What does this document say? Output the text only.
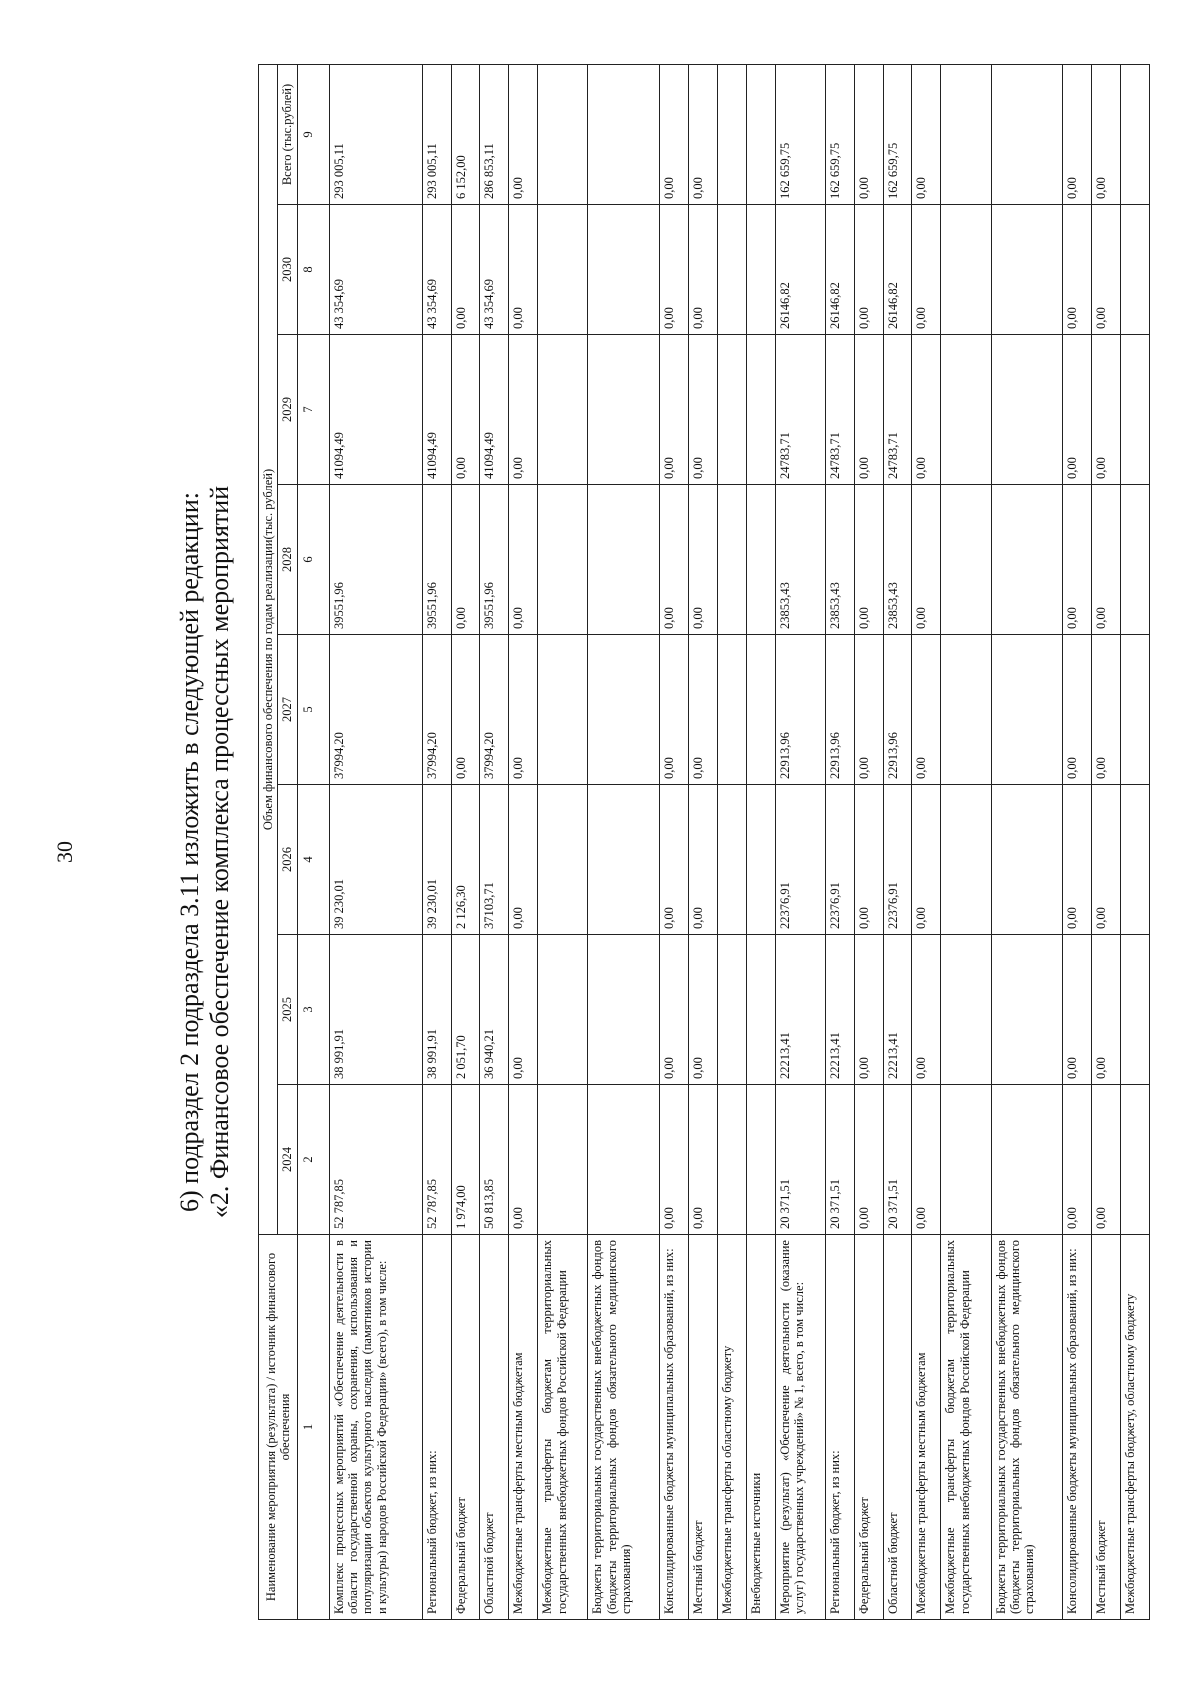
30	6) подраздел 2 подраздела 3.11 изложить в следующей редакции: «2. Финансовое обеспечение комплекса процессных мероприятий
Наименование мероприятия (результата) / источник финансового обеспечения	Объем финансового обеспечения по годам реализации(тыс. рублей)							
	2024	2025	2026	2027	2028	2029	2030	Всего (тыс.рублей)
1	2	3	4	5	6	7	8	9
Комплекс процессных мероприятий «Обеспечение деятельности в области государственной охраны, сохранения, использования и популяризации объектов культурного наследия (памятников истории и культуры) народов Российской Федерации» (всего), в том числе:	52 787,85	38 991,91	39 230,01	37994,20	39551,96	41094,49	43 354,69	293 005,11
Региональный бюджет, из них:	52 787,85	38 991,91	39 230,01	37994,20	39551,96	41094,49	43 354,69	293 005,11
Федеральный бюджет	1 974,00	2 051,70	2 126,30	0,00	0,00	0,00	0,00	6 152,00
Областной бюджет	50 813,85	36 940,21	37103,71	37994,20	39551,96	41094,49	43 354,69	286 853,11
Межбюджетные трансферты местным бюджетам	0,00	0,00	0,00	0,00	0,00	0,00	0,00	0,00
Межбюджетные трансферты бюджетам территориальных государственных внебюджетных фондов Российской Федерации								
Бюджеты территориальных государственных внебюджетных фондов (бюджеты территориальных фондов обязательного медицинского страхования)								
Консолидированные бюджеты муниципальных образований, из них:	0,00	0,00	0,00	0,00	0,00	0,00	0,00	0,00
Местный бюджет	0,00	0,00	0,00	0,00	0,00	0,00	0,00	0,00
Межбюджетные трансферты областному бюджету								
Внебюджетные источники								
Мероприятие (результат) «Обеспечение деятельности (оказание услуг) государственных учреждений» № 1, всего, в том числе:	20 371,51	22213,41	22376,91	22913,96	23853,43	24783,71	26146,82	162 659,75
Региональный бюджет, из них:	20 371,51	22213,41	22376,91	22913,96	23853,43	24783,71	26146,82	162 659,75
Федеральный бюджет	0,00	0,00	0,00	0,00	0,00	0,00	0,00	0,00
Областной бюджет	20 371,51	22213,41	22376,91	22913,96	23853,43	24783,71	26146,82	162 659,75
Межбюджетные трансферты местным бюджетам	0,00	0,00	0,00	0,00	0,00	0,00	0,00	0,00
Межбюджетные трансферты бюджетам территориальных государственных внебюджетных фондов Российской Федерации								
Бюджеты территориальных государственных внебюджетных фондов (бюджеты территориальных фондов обязательного медицинского страхования)								
Консолидированные бюджеты муниципальных образований, из них:	0,00	0,00	0,00	0,00	0,00	0,00	0,00	0,00
Местный бюджет	0,00	0,00	0,00	0,00	0,00	0,00	0,00	0,00
Межбюджетные трансферты бюджету, областному бюджету								
